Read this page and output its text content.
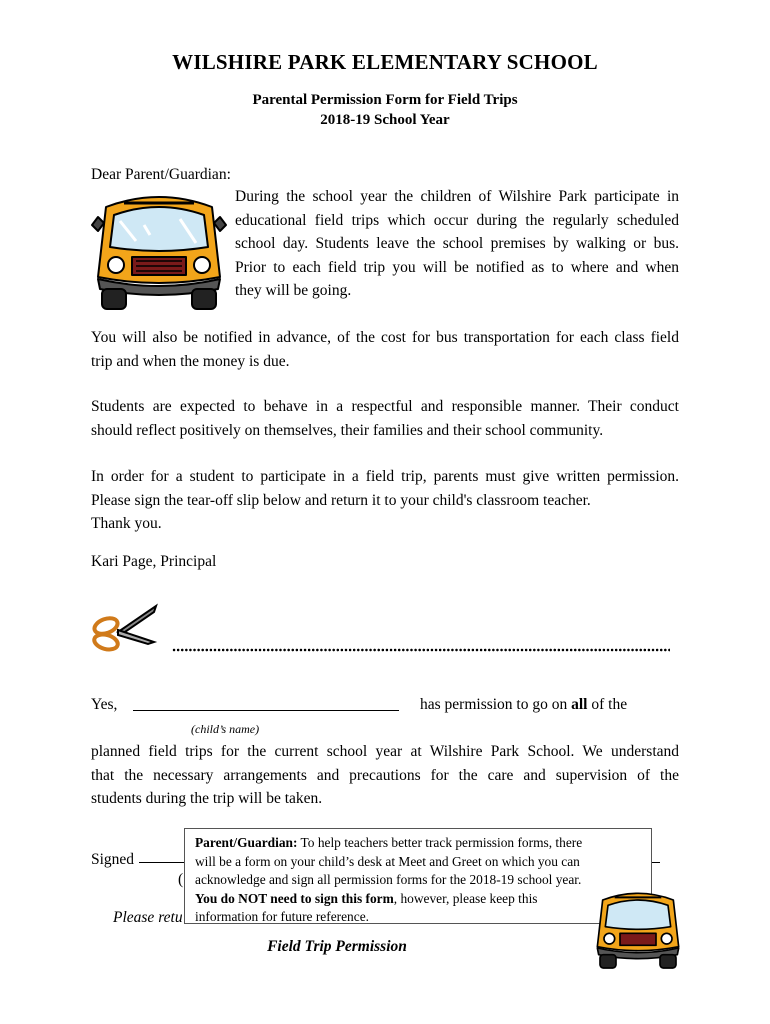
WILSHIRE PARK ELEMENTARY SCHOOL
Parental Permission Form for Field Trips
2018-19 School Year
Dear Parent/Guardian:
During the school year the children of Wilshire Park participate in
educational field trips which occur during the regularly scheduled
school day. Students leave the school premises by walking or bus.
Prior to each field trip you will be notified as to where and when
they will be going.
You will also be notified in advance, of the cost for bus transportation for each class field
trip and when the money is due.
Students are expected to behave in a respectful and responsible manner. Their conduct
should reflect positively on themselves, their families and their school community.
In order for a student to participate in a field trip, parents must give written permission.
Please sign the tear-off slip below and return it to your child's classroom teacher.
Thank you.
Kari Page, Principal
Yes,	has permission to go on all of the
(child’s name)
planned field trips for the current school year at Wilshire Park School. We understand
that the necessary arrangements and precautions for the care and supervision of the
students during the trip will be taken.
Signed
(
Please retu
Parent/Guardian: To help teachers better track permission forms, there
will be a form on your child’s desk at Meet and Greet on which you can
acknowledge and sign all permission forms for the 2018-19 school year.
You do NOT need to sign this form, however, please keep this
information for future reference.
Field Trip Permission
